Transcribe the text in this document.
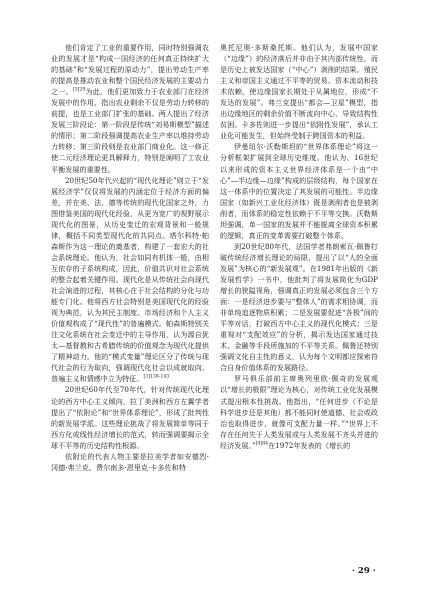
他们肯定了工业的重要作用，同时特别强调农业的发展才是“构成一国经济的任何真正持续扩大的基础”和“发展过程的原动力”，提出劳动生产率的提高是推动农业和整个国民经济发展的主要动力之一。$^{[3]29}$为此，他们更加致力于农业部门在经济发展中的作用，指出农业剩余不仅是劳动力转移的前提，也是工业部门扩张的基础。两人提出了经济发展三阶段论：第一阶段是传统“刘易斯模型”描述的情形；第二阶段强调提高农业生产率以维持劳动力转移；第三阶段则是农业部门商业化。这一修正使二元经济理论更具解释力，特别是阐明了工农业平衡发展的重要性。

20世纪50年代兴起的“现代化理论”则立于“发展经济学”仅仅将发展的内涵定位于经济方面的偏差，并在美、法、德等传统的现代化国家之外，力图借鉴美国的现代化经验，从更为宽广的视野展示现代化的图景，从历史变迁的宏观背景和一般规律，概括不同类型现代化的共同点。塔尔科特·帕森斯作为这一理论的奠基者，构建了一套宏大的社会系统理论。他认为，社会如同有机体一般，由相互依存的子系统构成，因此，价值共识对社会系统的整合起着关键作用。现代化是从传统社会向现代社会演进的过程，其核心在于社会结构的分化与功能专门化。他将西方社会特别是美国现代化的经验视为典范，认为其民主制度、市场经济和个人主义价值观构成了“现代性”的普遍模式。帕森斯特别关注文化系统在社会变迁中的主导作用，认为源自犹太—基督教和古希腊传统的价值观念为现代化提供了精神动力。他的“模式变量”理论区分了传统与现代社会的行为取向，强调现代化社会以成就取向、普遍主义和情感中立为特征。$^{[3]138-143}$

20世纪60年代至70年代，针对传统现代化理论的西方中心主义倾向，拉丁美洲和西方左翼学者提出了“依附论”和“世界体系理论”，形成了批判性的新发展学派。这些理论挑战了将发展简单等同于西方化或线性经济增长的范式，转而强调要揭示全球不平等的历史结构性根源。

依附论的代表人物主要是拉美学者如安德烈·冈德·弗兰克、费尔南多·恩里克·卡多佐和特

奥托尼奥·多斯桑托斯。他们认为，发展中国家（“边缘”）的经济落后并非由于其内部传统性，而是历史上被发达国家（“中心”）剥削的结果。殖民主义和帝国主义通过不平等的贸易、资本流动和技术依赖，使边缘国家长期处于从属地位，形成“不发达的发展”。弗兰克提出“都会—卫星”模型，指出边缘地区的剩余价值不断流向中心，导致结构性贫困。卡多佐则进一步提出“依附性发展”，承认工业化可能发生，但始终受制于跨国资本的利益。

伊曼纽尔·沃勒斯坦的“世界体系理论”将这一分析框架扩展到全球历史维度。他认为，16世纪以来形成的资本主义世界经济体系是一个由“中心”—半边缘—边缘”构成的层级结构，每个国家在这一体系中的位置决定了其发展的可能性。半边缘国家（如新兴工业化经济体）既是剥削者也是被剥削者，而体系的稳定性依赖于不平等交换。沃勒斯坦强调，单一国家的发展并不能脱离全球资本积累的逻辑，真正的变革需要打破整个体系。

到20世纪80年代，法国学者弗朗索瓦·佩鲁打破传统经济增长理论的局限，提出了以“人的全面发展”为核心的“新发展观”。在1981年出版的《新发展哲学》一书中，他批判了将发展简化为GDP增长的狭隘视角，强调真正的发展必须包含三个方面：一是经济进步要与“整体人”的需求相协调，而非单纯追逐物质积累；二是发展要促进“各极”间的平等对话，打破西方中心主义的现代化模式；三是重视对“支配效应”的分析，揭示发达国家通过技术、金融等手段所施加的不平等关系。佩鲁还特别强调文化自主性的意义，认为每个文明都应探索符合自身价值体系的发展路径。

罗马俱乐部前主席奥列里欧·佩奇的发展观以“增长的极限”理论为核心，对传统工业化发展模式提出根本性挑战。他指出，“任何进步（不论是科学进步还是其他）都不能同时使道德、社会或政治也取得进步，就像可支配力量一样。”“世界上不存在任何失于人类发展或与人类发展不齐头并进的经济发展。”$^{[4]84}$在1972年发表的《增长的

· 29 ·
